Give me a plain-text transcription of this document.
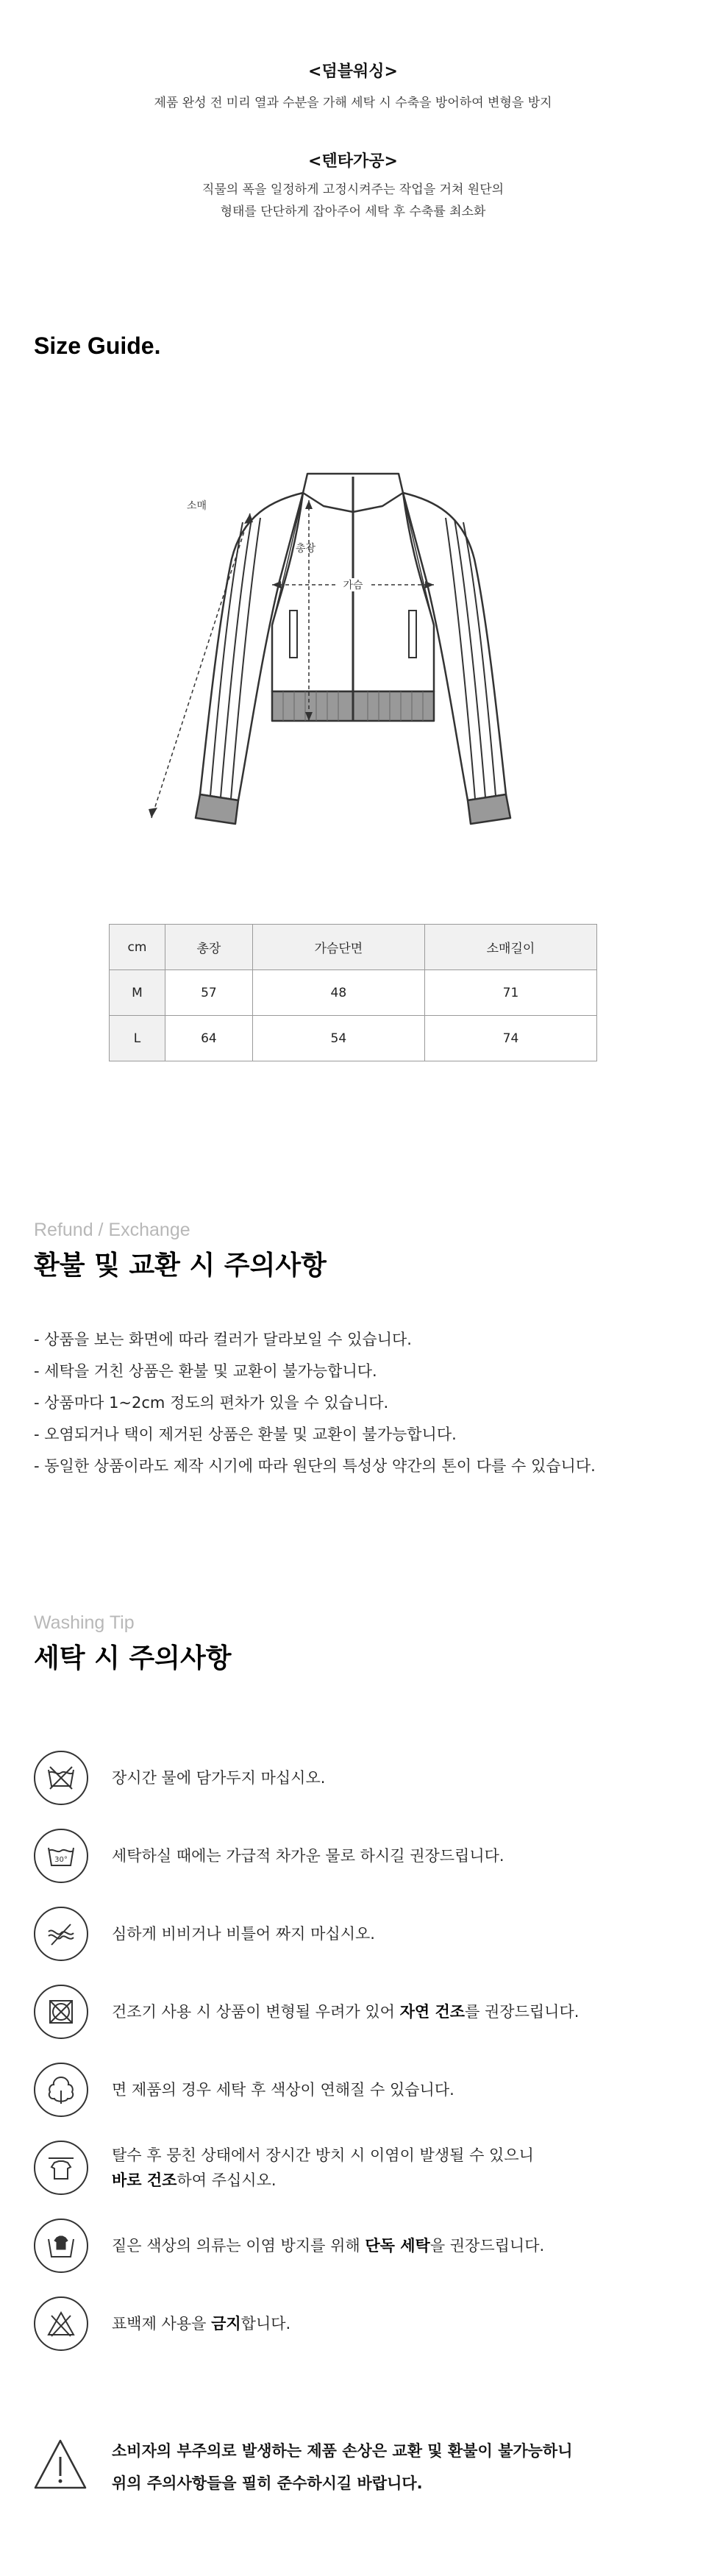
<덤블워싱>
제품 완성 전 미리 열과 수분을 가해 세탁 시 수축을 방어하여 변형을 방지
<텐타가공>
직물의 폭을 일정하게 고정시켜주는 작업을 거쳐 원단의
형태를 단단하게 잡아주어 세탁 후 수축률 최소화
Size Guide.
가슴
총장
소매
cm	총장	가슴단면	소매길이
M	57	48	71
L	64	54	74
Refund / Exchange
환불 및 교환 시 주의사항
- 상품을 보는 화면에 따라 컬러가 달라보일 수 있습니다.
- 세탁을 거친 상품은 환불 및 교환이 불가능합니다.
- 상품마다 1~2cm 정도의 편차가 있을 수 있습니다.
- 오염되거나 택이 제거된 상품은 환불 및 교환이 불가능합니다.
- 동일한 상품이라도 제작 시기에 따라 원단의 특성상 약간의 톤이 다를 수 있습니다.
Washing Tip
세탁 시 주의사항
장시간 물에 담가두지 마십시오.
30°	세탁하실 때에는 가급적 차가운 물로 하시길 권장드립니다.
심하게 비비거나 비틀어 짜지 마십시오.
건조기 사용 시 상품이 변형될 우려가 있어 자연 건조를 권장드립니다.
면 제품의 경우 세탁 후 색상이 연해질 수 있습니다.
탈수 후 뭉친 상태에서 장시간 방치 시 이염이 발생될 수 있으니
바로 건조하여 주십시오.
짙은 색상의 의류는 이염 방지를 위해 단독 세탁을 권장드립니다.
표백제 사용을 금지합니다.
소비자의 부주의로 발생하는 제품 손상은 교환 및 환불이 불가능하니
위의 주의사항들을 필히 준수하시길 바랍니다.
